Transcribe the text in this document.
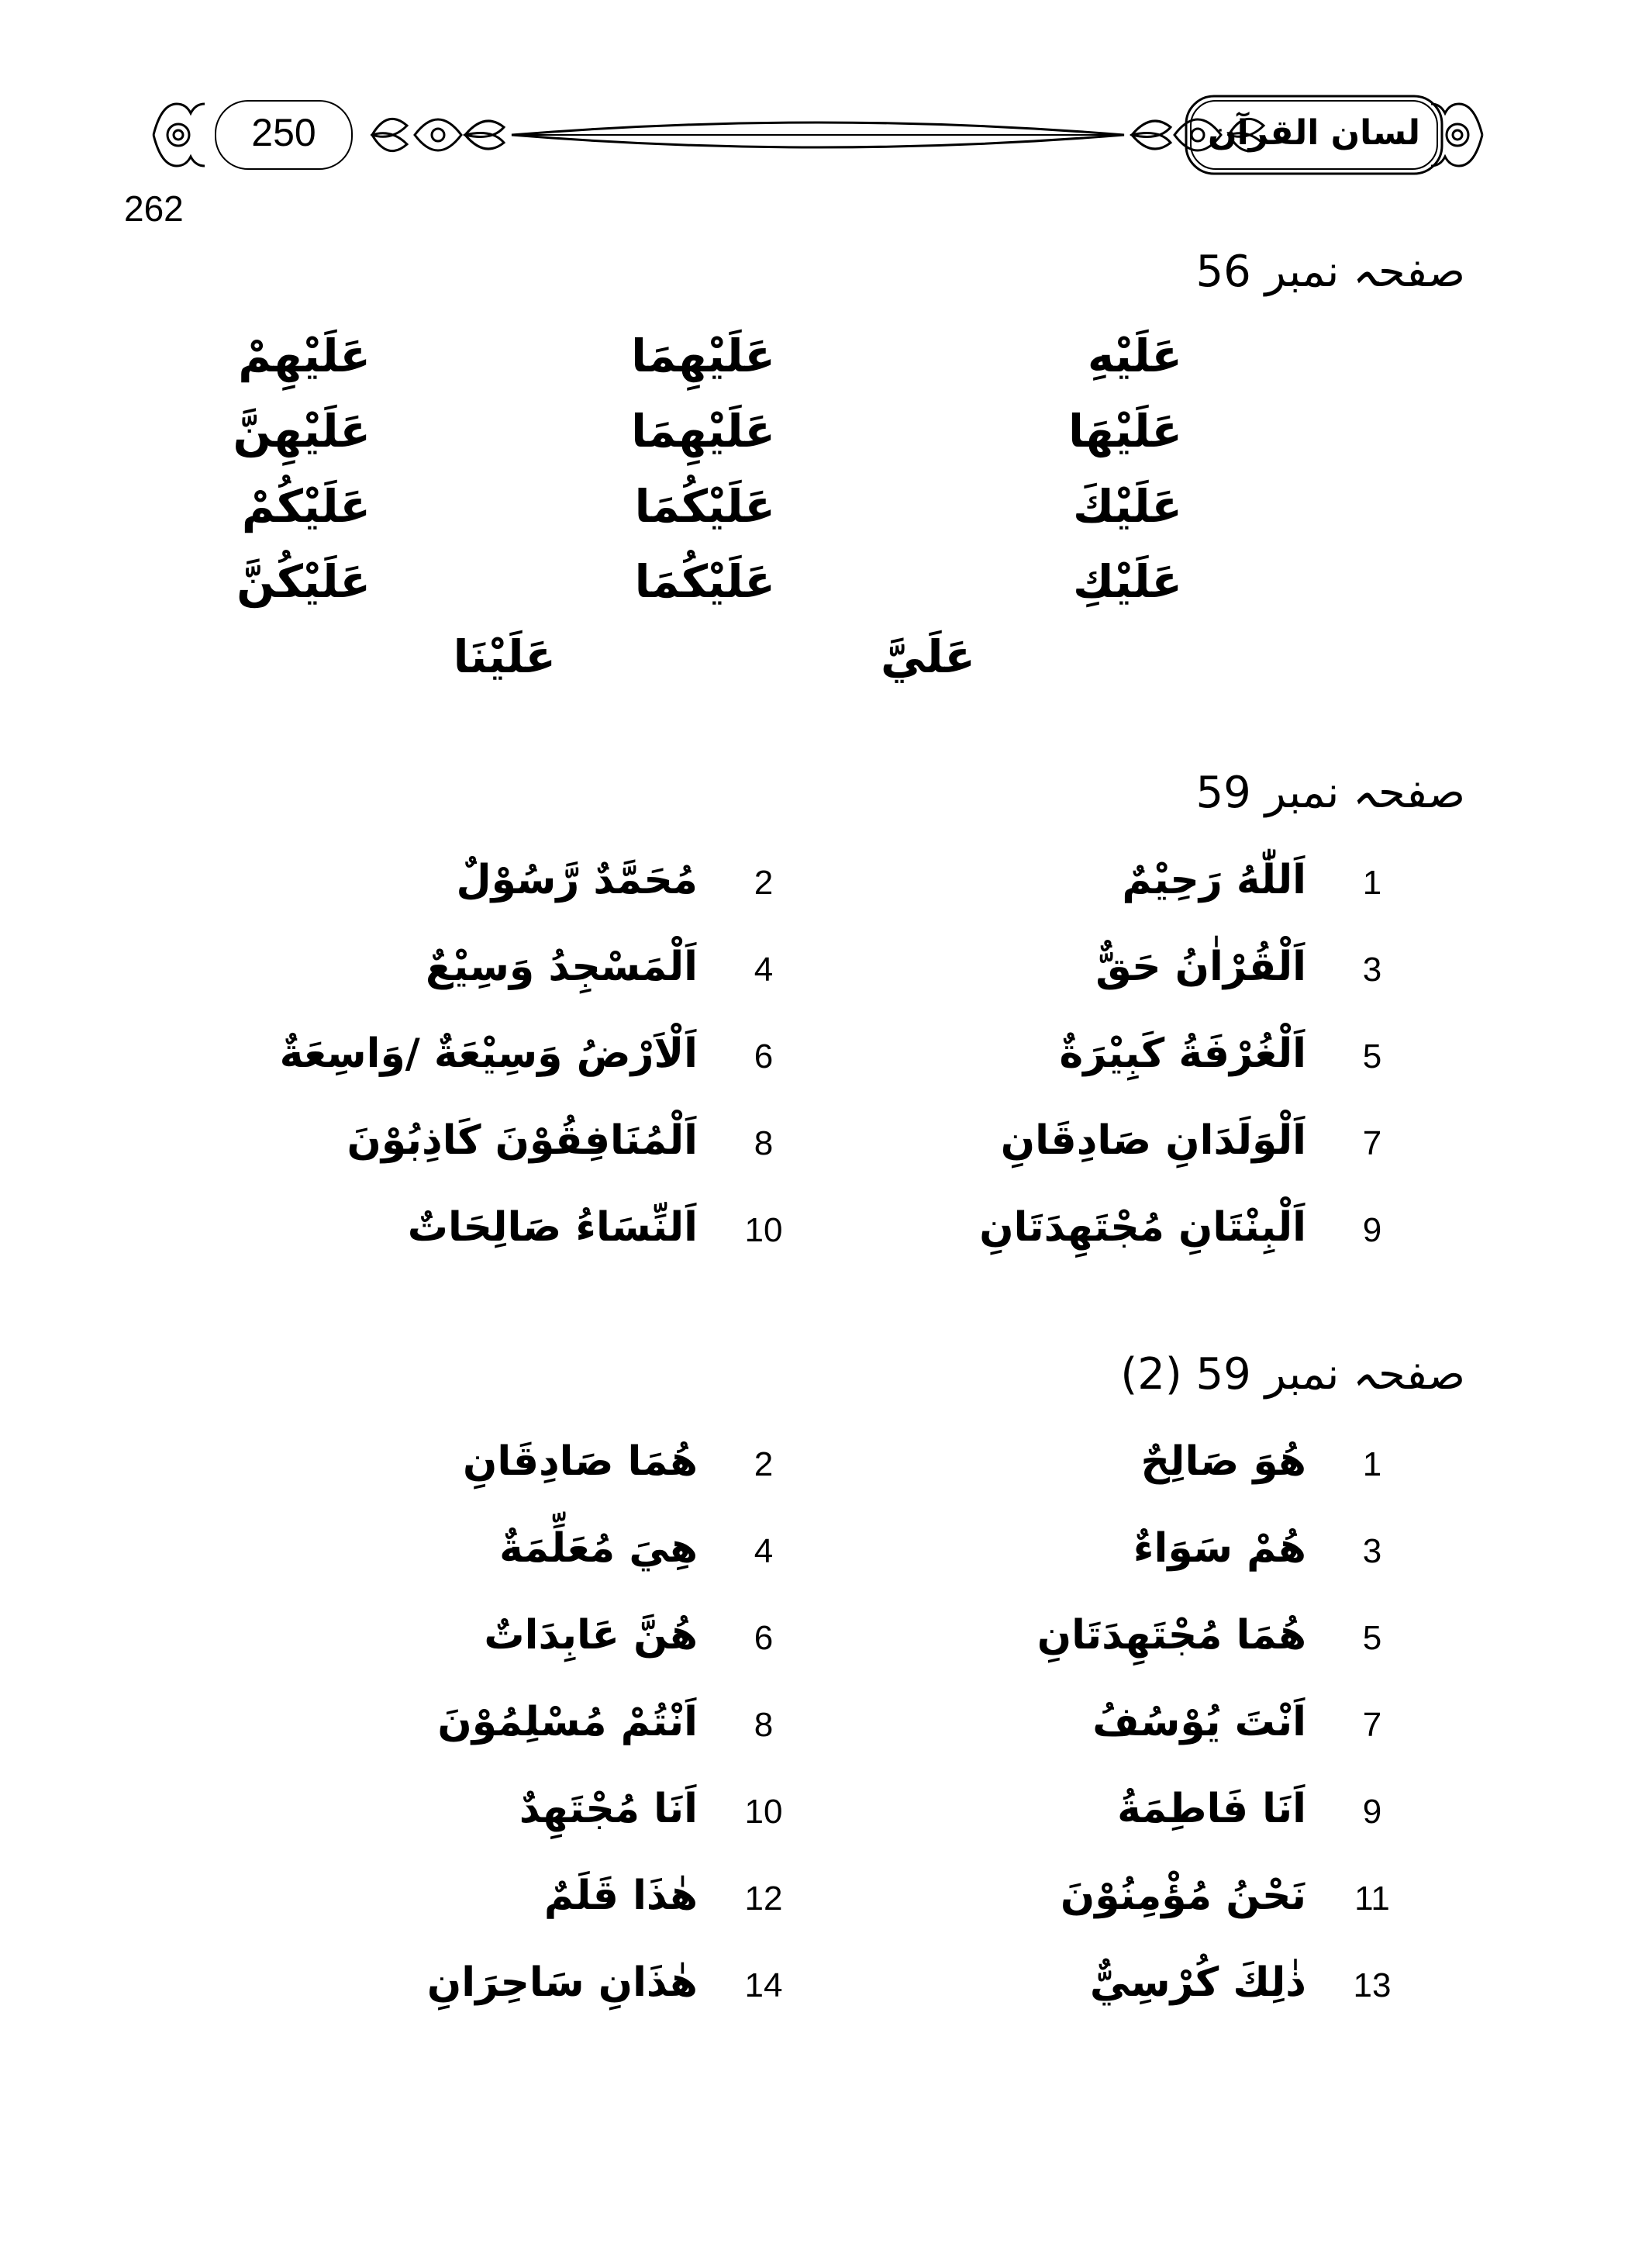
250	لسان القرآن
262
صفحہ نمبر 56
عَلَيْهِ
عَلَيْهِمَا
عَلَيْهِمْ
عَلَيْهَا
عَلَيْهِمَا
عَلَيْهِنَّ
عَلَيْكَ
عَلَيْكُمَا
عَلَيْكُمْ
عَلَيْكِ
عَلَيْكُمَا
عَلَيْكُنَّ
عَلَيَّ
عَلَيْنَا
صفحہ نمبر 59
1
اَللّٰهُ رَحِيْمٌ
2
مُحَمَّدٌ رَّسُوْلٌ
3
اَلْقُرْاٰنُ حَقٌّ
4
اَلْمَسْجِدُ وَسِيْعٌ
5
اَلْغُرْفَةُ كَبِيْرَةٌ
6
اَلْاَرْضُ وَسِيْعَةٌ /وَاسِعَةٌ
7
اَلْوَلَدَانِ صَادِقَانِ
8
اَلْمُنَافِقُوْنَ كَاذِبُوْنَ
9
اَلْبِنْتَانِ مُجْتَهِدَتَانِ
10
اَلنِّسَاءُ صَالِحَاتٌ
صفحہ نمبر 59 (2)
1
هُوَ صَالِحٌ
2
هُمَا صَادِقَانِ
3
هُمْ سَوَاءٌ
4
هِيَ مُعَلِّمَةٌ
5
هُمَا مُجْتَهِدَتَانِ
6
هُنَّ عَابِدَاتٌ
7
اَنْتَ يُوْسُفُ
8
اَنْتُمْ مُسْلِمُوْنَ
9
اَنَا فَاطِمَةُ
10
اَنَا مُجْتَهِدٌ
11
نَحْنُ مُؤْمِنُوْنَ
12
هٰذَا قَلَمٌ
13
ذٰلِكَ كُرْسِيٌّ
14
هٰذَانِ سَاحِرَانِ
